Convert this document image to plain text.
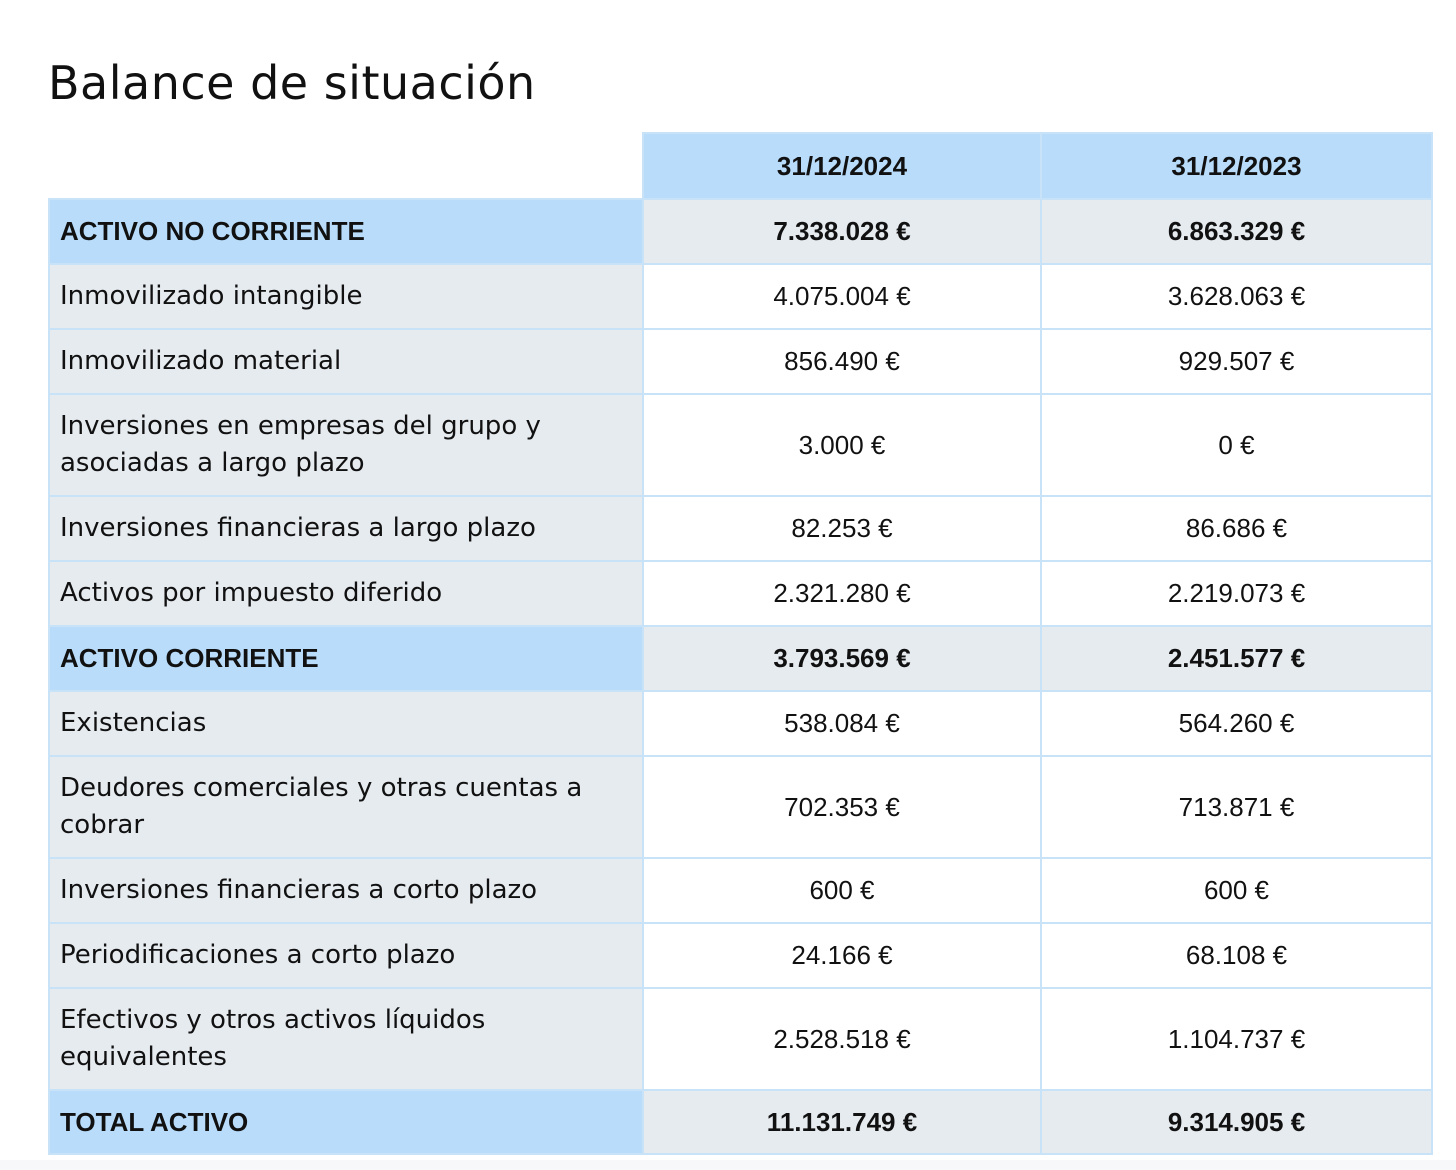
Balance de situación
	31/12/2024	31/12/2023
ACTIVO NO CORRIENTE	7.338.028 €	6.863.329 €
Inmovilizado intangible	4.075.004 €	3.628.063 €
Inmovilizado material	856.490 €	929.507 €
Inversiones en empresas del grupo y asociadas a largo plazo	3.000 €	0 €
Inversiones financieras a largo plazo	82.253 €	86.686 €
Activos por impuesto diferido	2.321.280 €	2.219.073 €
ACTIVO CORRIENTE	3.793.569 €	2.451.577 €
Existencias	538.084 €	564.260 €
Deudores comerciales y otras cuentas a cobrar	702.353 €	713.871 €
Inversiones financieras a corto plazo	600 €	600 €
Periodificaciones a corto plazo	24.166 €	68.108 €
Efectivos y otros activos líquidos equivalentes	2.528.518 €	1.104.737 €
TOTAL ACTIVO	11.131.749 €	9.314.905 €
